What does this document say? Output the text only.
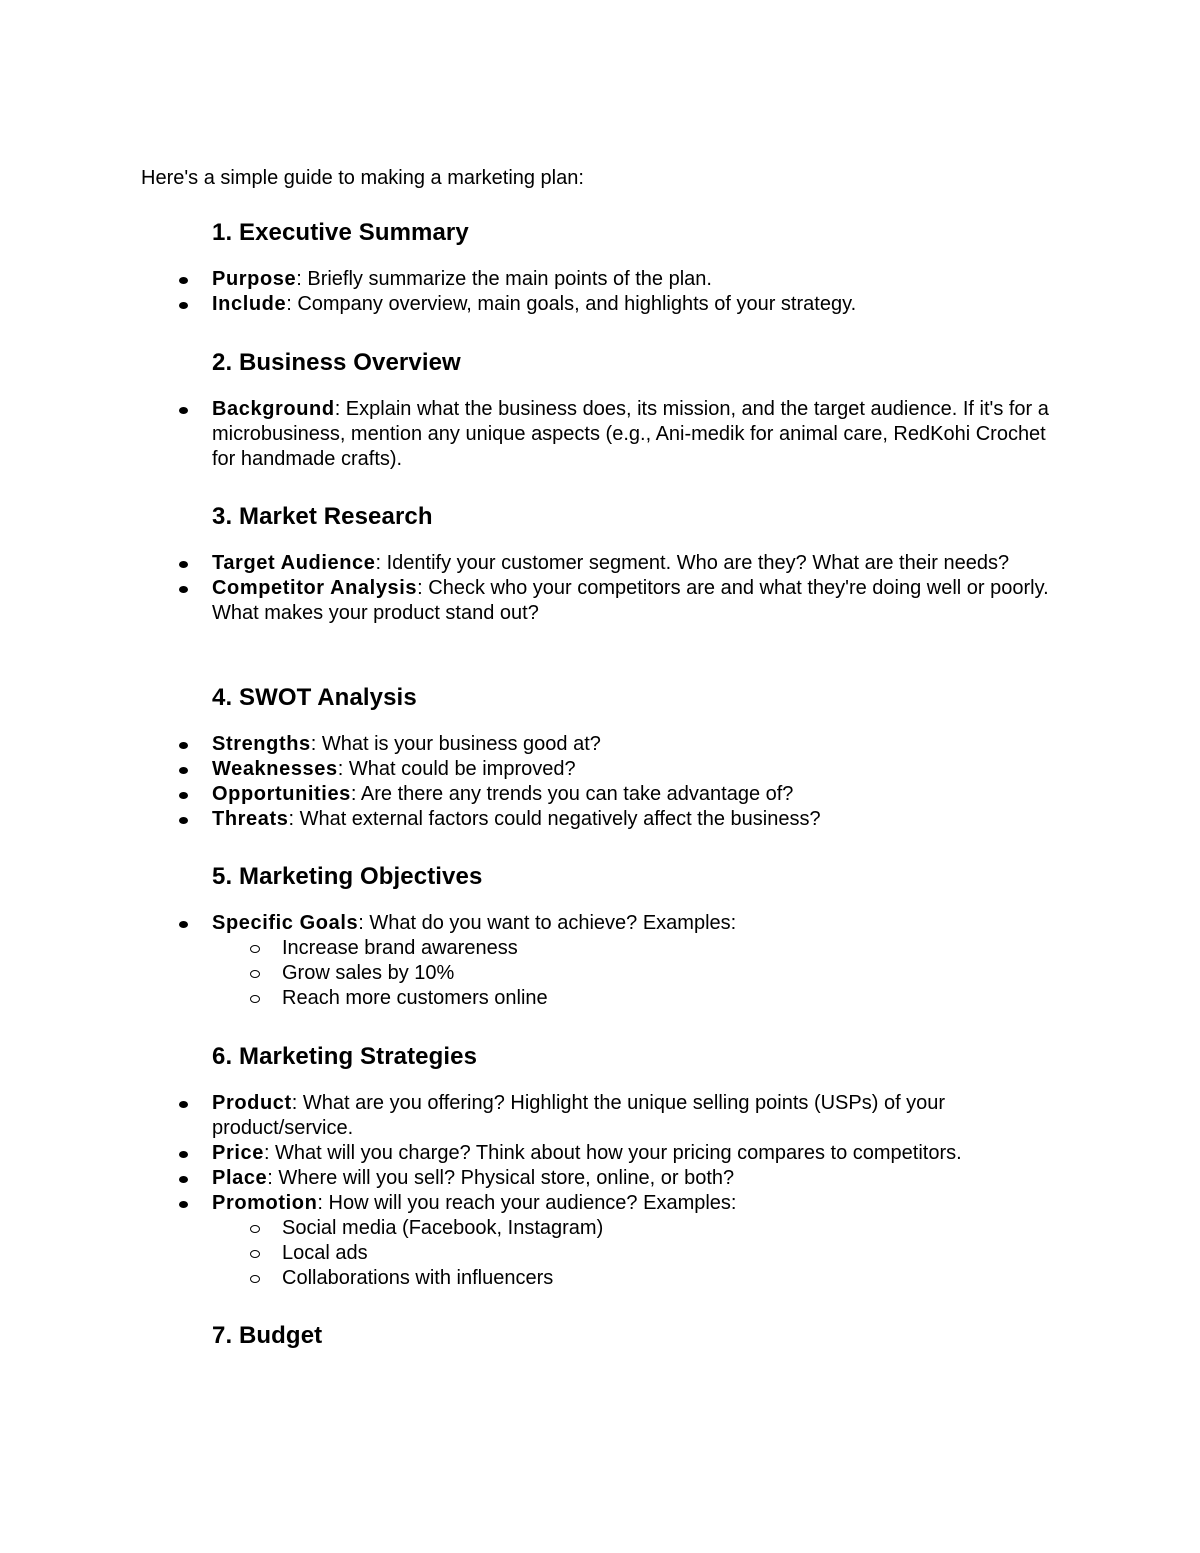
Here's a simple guide to making a marketing plan:

1. Executive Summary
Purpose: Briefly summarize the main points of the plan.
Include: Company overview, main goals, and highlights of your strategy.
2. Business Overview
Background: Explain what the business does, its mission, and the target audience. If it's for a microbusiness, mention any unique aspects (e.g., Ani-medik for animal care, RedKohi Crochet for handmade crafts).
3. Market Research
Target Audience: Identify your customer segment. Who are they? What are their needs?
Competitor Analysis: Check who your competitors are and what they're doing well or poorly. What makes your product stand out?
4. SWOT Analysis
Strengths: What is your business good at?
Weaknesses: What could be improved?
Opportunities: Are there any trends you can take advantage of?
Threats: What external factors could negatively affect the business?
5. Marketing Objectives
Specific Goals: What do you want to achieve? Examples:
Increase brand awareness
Grow sales by 10%
Reach more customers online
6. Marketing Strategies
Product: What are you offering? Highlight the unique selling points (USPs) of your product/service.
Price: What will you charge? Think about how your pricing compares to competitors.
Place: Where will you sell? Physical store, online, or both?
Promotion: How will you reach your audience? Examples:
Social media (Facebook, Instagram)
Local ads
Collaborations with influencers
7. Budget
